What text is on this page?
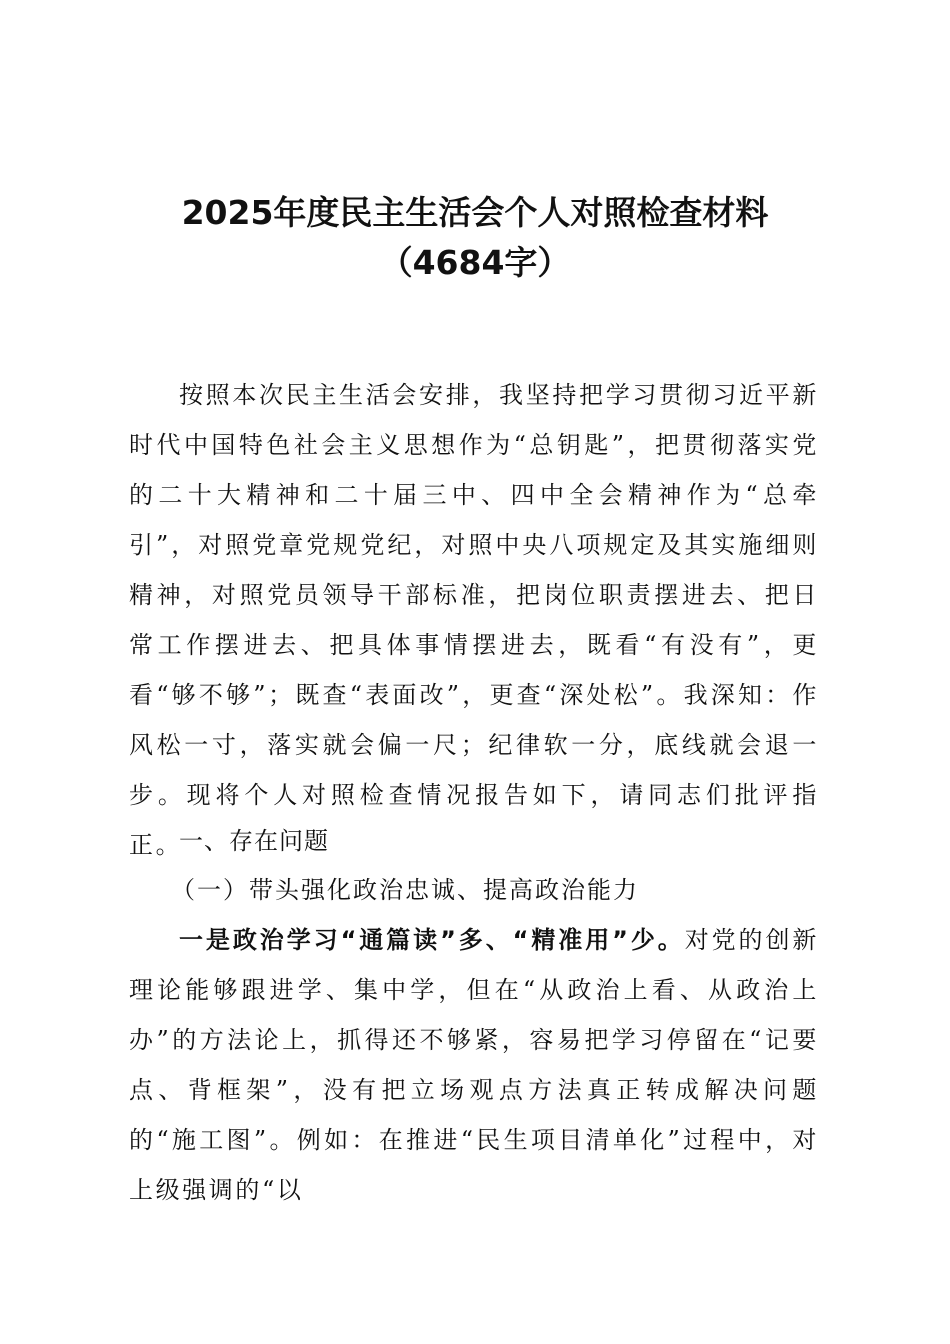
2025年度民主生活会个人对照检查材料
（4684字）
按照本次民主生活会安排，我坚持把学习贯彻习近平新时代中国特色社会主义思想作为“总钥匙”，把贯彻落实党的二十大精神和二十届三中、四中全会精神作为“总牵引”，对照党章党规党纪，对照中央八项规定及其实施细则精神，对照党员领导干部标准，把岗位职责摆进去、把日常工作摆进去、把具体事情摆进去，既看“有没有”，更看“够不够”；既查“表面改”，更查“深处松”。我深知：作风松一寸，落实就会偏一尺；纪律软一分，底线就会退一步。现将个人对照检查情况报告如下，请同志们批评指正。
一、存在问题
（一）带头强化政治忠诚、提高政治能力
一是政治学习“通篇读”多、“精准用”少。对党的创新理论能够跟进学、集中学，但在“从政治上看、从政治上办”的方法论上，抓得还不够紧，容易把学习停留在“记要点、背框架”，没有把立场观点方法真正转成解决问题的“施工图”。例如：在推进“民生项目清单化”过程中，对上级强调的“以
